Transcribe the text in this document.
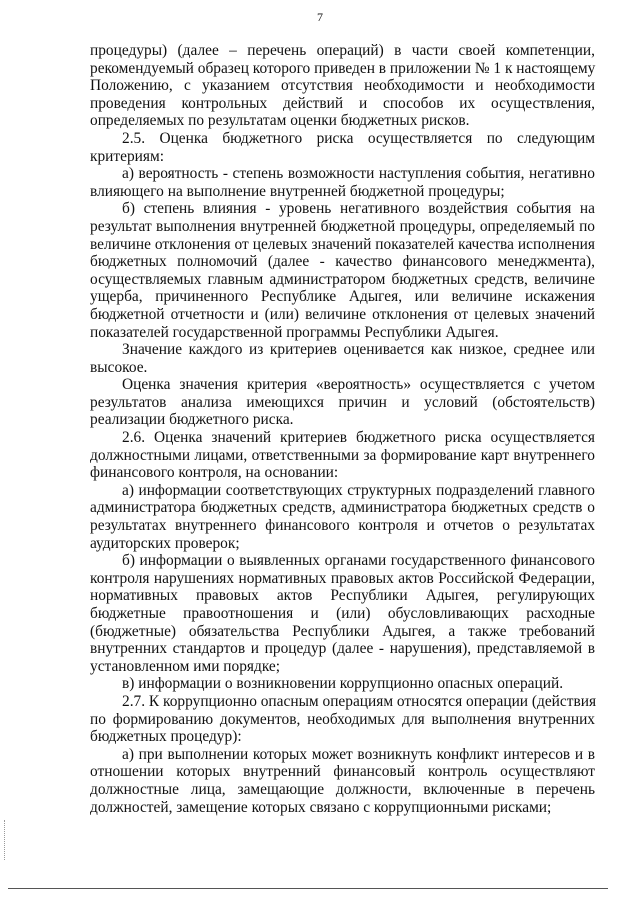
7

процедуры) (далее – перечень операций) в части своей компетенции,
рекомендуемый образец которого приведен в приложении № 1 к настоящему
Положению, с указанием отсутствия необходимости и необходимости
проведения контрольных действий и способов их осуществления,
определяемых по результатам оценки бюджетных рисков.

2.5. Оценка бюджетного риска осуществляется по следующим
критериям:

а) вероятность - степень возможности наступления события, негативно
влияющего на выполнение внутренней бюджетной процедуры;

б) степень влияния - уровень негативного воздействия события на
результат выполнения внутренней бюджетной процедуры, определяемый по
величине отклонения от целевых значений показателей качества исполнения
бюджетных полномочий (далее - качество финансового менеджмента),
осуществляемых главным администратором бюджетных средств, величине
ущерба, причиненного Республике Адыгея, или величине искажения
бюджетной отчетности и (или) величине отклонения от целевых значений
показателей государственной программы Республики Адыгея.

Значение каждого из критериев оценивается как низкое, среднее или
высокое.

Оценка значения критерия «вероятность» осуществляется с учетом
результатов анализа имеющихся причин и условий (обстоятельств)
реализации бюджетного риска.

2.6. Оценка значений критериев бюджетного риска осуществляется
должностными лицами, ответственными за формирование карт внутреннего
финансового контроля, на основании:

а) информации соответствующих структурных подразделений главного
администратора бюджетных средств, администратора бюджетных средств о
результатах внутреннего финансового контроля и отчетов о результатах
аудиторских проверок;

б) информации о выявленных органами государственного финансового
контроля нарушениях нормативных правовых актов Российской Федерации,
нормативных правовых актов Республики Адыгея, регулирующих
бюджетные правоотношения и (или) обусловливающих расходные
(бюджетные) обязательства Республики Адыгея, а также требований
внутренних стандартов и процедур (далее - нарушения), представляемой в
установленном ими порядке;

в) информации о возникновении коррупционно опасных операций.

2.7. К коррупционно опасным операциям относятся операции (действия
по формированию документов, необходимых для выполнения внутренних
бюджетных процедур):

а) при выполнении которых может возникнуть конфликт интересов и в
отношении которых внутренний финансовый контроль осуществляют
должностные лица, замещающие должности, включенные в перечень
должностей, замещение которых связано с коррупционными рисками;
